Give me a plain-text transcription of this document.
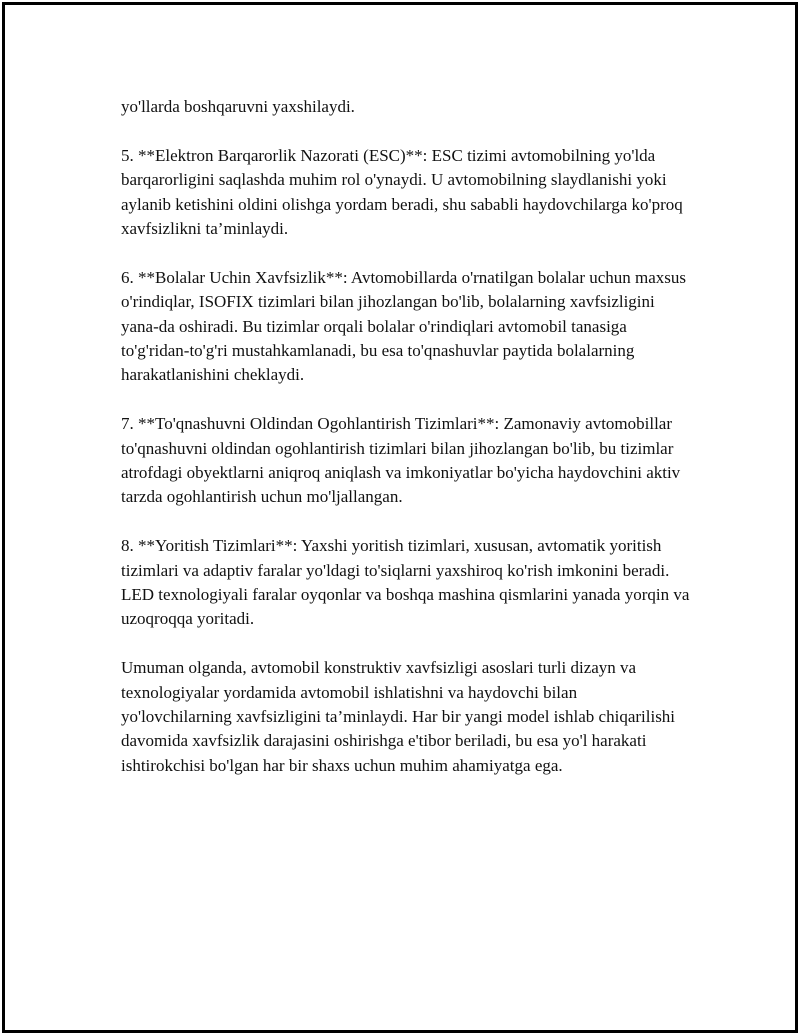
yo'llarda boshqaruvni yaxshilaydi.

5. **Elektron Barqarorlik Nazorati (ESC)**: ESC tizimi avtomobilning yo'lda barqarorligini saqlashda muhim rol o'ynaydi. U avtomobilning slaydlanishi yoki aylanib ketishini oldini olishga yordam beradi, shu sababli haydovchilarga ko'proq xavfsizlikni ta’minlaydi.

6. **Bolalar Uchin Xavfsizlik**: Avtomobillarda o'rnatilgan bolalar uchun maxsus o'rindiqlar, ISOFIX tizimlari bilan jihozlangan bo'lib, bolalarning xavfsizligini yana-da oshiradi. Bu tizimlar orqali bolalar o'rindiqlari avtomobil tanasiga to'g'ridan-to'g'ri mustahkamlanadi, bu esa to'qnashuvlar paytida bolalarning harakatlanishini cheklaydi.

7. **To'qnashuvni Oldindan Ogohlantirish Tizimlari**: Zamonaviy avtomobillar to'qnashuvni oldindan ogohlantirish tizimlari bilan jihozlangan bo'lib, bu tizimlar atrofdagi obyektlarni aniqroq aniqlash va imkoniyatlar bo'yicha haydovchini aktiv tarzda ogohlantirish uchun mo'ljallangan.

8. **Yoritish Tizimlari**: Yaxshi yoritish tizimlari, xususan, avtomatik yoritish tizimlari va adaptiv faralar yo'ldagi to'siqlarni yaxshiroq ko'rish imkonini beradi. LED texnologiyali faralar oyqonlar va boshqa mashina qismlarini yanada yorqin va uzoqroqqa yoritadi.

Umuman olganda, avtomobil konstruktiv xavfsizligi asoslari turli dizayn va texnologiyalar yordamida avtomobil ishlatishni va haydovchi bilan yo'lovchilarning xavfsizligini ta’minlaydi. Har bir yangi model ishlab chiqarilishi davomida xavfsizlik darajasini oshirishga e'tibor beriladi, bu esa yo'l harakati ishtirokchisi bo'lgan har bir shaxs uchun muhim ahamiyatga ega.
